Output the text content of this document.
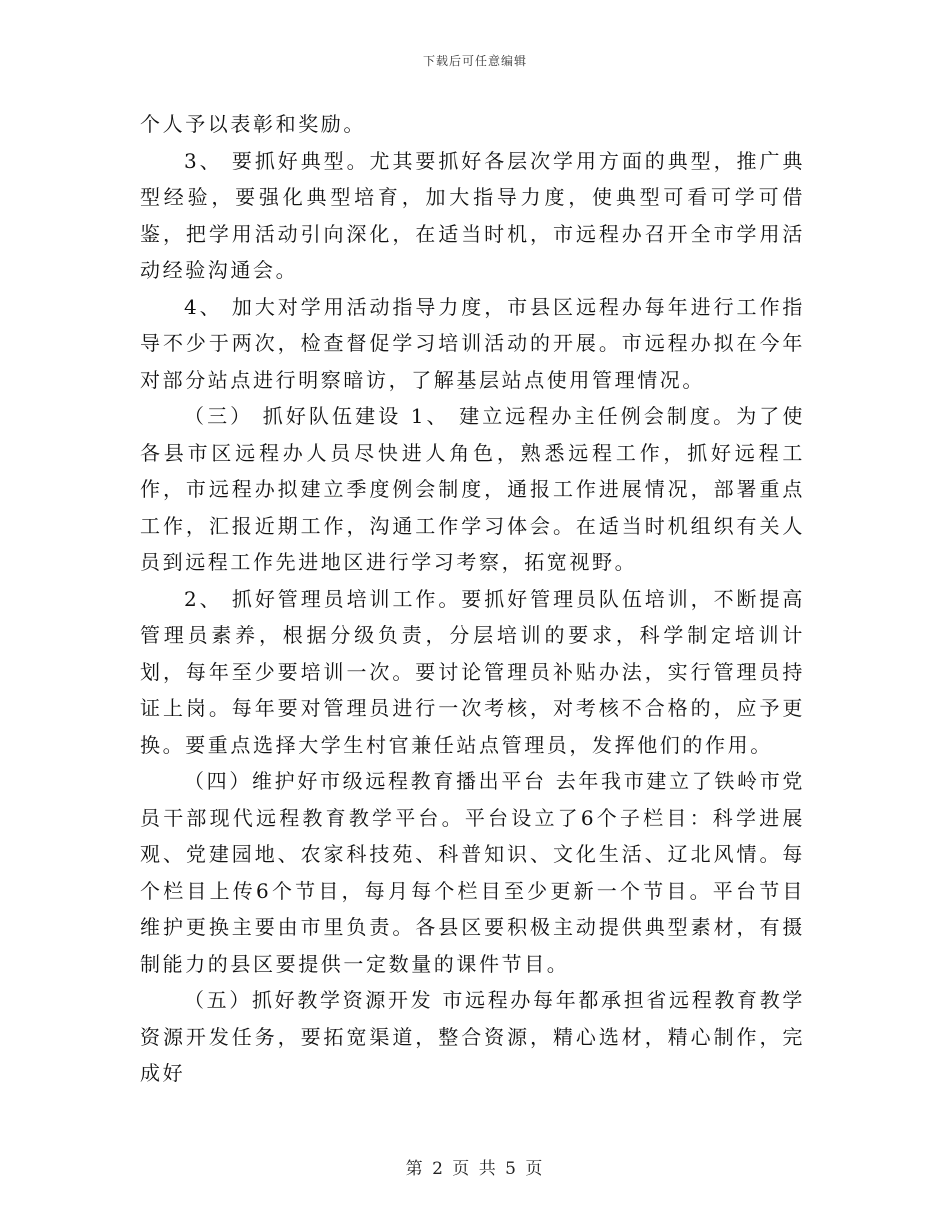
下载后可任意编辑

个人予以表彰和奖励。

3、 要抓好典型。尤其要抓好各层次学用方面的典型，推广典型经验，要强化典型培育，加大指导力度，使典型可看可学可借鉴，把学用活动引向深化，在适当时机，市远程办召开全市学用活动经验沟通会。

4、 加大对学用活动指导力度，市县区远程办每年进行工作指导不少于两次，检查督促学习培训活动的开展。市远程办拟在今年对部分站点进行明察暗访，了解基层站点使用管理情况。

（三） 抓好队伍建设 1、 建立远程办主任例会制度。为了使各县市区远程办人员尽快进人角色，熟悉远程工作，抓好远程工作，市远程办拟建立季度例会制度，通报工作进展情况，部署重点工作，汇报近期工作，沟通工作学习体会。在适当时机组织有关人员到远程工作先进地区进行学习考察，拓宽视野。

2、 抓好管理员培训工作。要抓好管理员队伍培训，不断提高管理员素养，根据分级负责，分层培训的要求，科学制定培训计划，每年至少要培训一次。要讨论管理员补贴办法，实行管理员持证上岗。每年要对管理员进行一次考核，对考核不合格的，应予更换。要重点选择大学生村官兼任站点管理员，发挥他们的作用。

（四）维护好市级远程教育播出平台 去年我市建立了铁岭市党员干部现代远程教育教学平台。平台设立了6个子栏目：科学进展观、党建园地、农家科技苑、科普知识、文化生活、辽北风情。每个栏目上传6个节目，每月每个栏目至少更新一个节目。平台节目维护更换主要由市里负责。各县区要积极主动提供典型素材，有摄制能力的县区要提供一定数量的课件节目。

（五）抓好教学资源开发 市远程办每年都承担省远程教育教学资源开发任务，要拓宽渠道，整合资源，精心选材，精心制作，完成好

第 2 页 共 5 页
